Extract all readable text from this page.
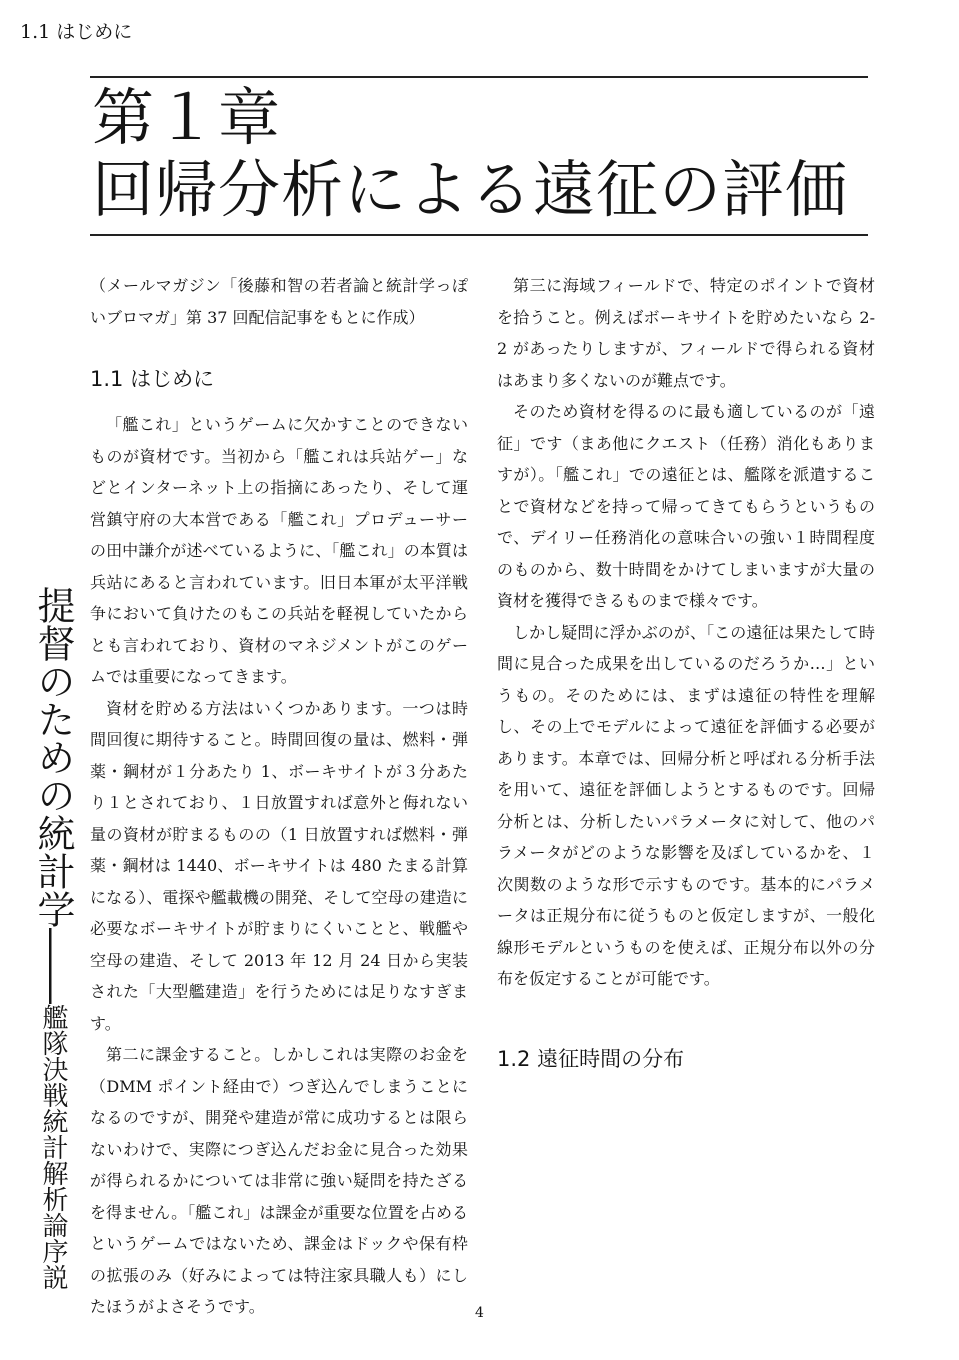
1.1 はじめに
第１章
回帰分析による遠征の評価
提督のための統計学――艦隊決戦統計解析論序説

（メールマガジン「後藤和智の若者論と統計学っぽいブロマガ」第 37 回配信記事をもとに作成）

1.1 はじめに

「艦これ」というゲームに欠かすことのできないものが資材です。当初から「艦これは兵站ゲー」などとインターネット上の指摘にあったり、そして運営鎮守府の大本営である「艦これ」プロデューサーの田中謙介が述べているように、「艦これ」の本質は兵站にあると言われています。旧日本軍が太平洋戦争において負けたのもこの兵站を軽視していたからとも言われており、資材のマネジメントがこのゲームでは重要になってきます。

資材を貯める方法はいくつかあります。一つは時間回復に期待すること。時間回復の量は、燃料・弾薬・鋼材が１分あたり 1、ボーキサイトが３分あたり１とされており、１日放置すれば意外と侮れない量の資材が貯まるものの（1 日放置すれば燃料・弾薬・鋼材は 1440、ボーキサイトは 480 たまる計算になる）、電探や艦載機の開発、そして空母の建造に必要なボーキサイトが貯まりにくいことと、戦艦や空母の建造、そして 2013 年 12 月 24 日から実装された「大型艦建造」を行うためには足りなすぎます。

第二に課金すること。しかしこれは実際のお金を（DMM ポイント経由で）つぎ込んでしまうことになるのですが、開発や建造が常に成功するとは限らないわけで、実際につぎ込んだお金に見合った効果が得られるかについては非常に強い疑問を持たざるを得ません。「艦これ」は課金が重要な位置を占めるというゲームではないため、課金はドックや保有枠の拡張のみ（好みによっては特注家具職人も）にしたほうがよさそうです。

第三に海域フィールドで、特定のポイントで資材を拾うこと。例えばボーキサイトを貯めたいなら 2-2 があったりしますが、フィールドで得られる資材はあまり多くないのが難点です。

そのため資材を得るのに最も適しているのが「遠征」です（まあ他にクエスト（任務）消化もありますが）。「艦これ」での遠征とは、艦隊を派遣することで資材などを持って帰ってきてもらうというもので、デイリー任務消化の意味合いの強い１時間程度のものから、数十時間をかけてしまいますが大量の資材を獲得できるものまで様々です。

しかし疑問に浮かぶのが、「この遠征は果たして時間に見合った成果を出しているのだろうか…」というもの。そのためには、まずは遠征の特性を理解し、その上でモデルによって遠征を評価する必要があります。本章では、回帰分析と呼ばれる分析手法を用いて、遠征を評価しようとするものです。回帰分析とは、分析したいパラメータに対して、他のパラメータがどのような影響を及ぼしているかを、１次関数のような形で示すものです。基本的にパラメータは正規分布に従うものと仮定しますが、一般化線形モデルというものを使えば、正規分布以外の分布を仮定することが可能です。

1.2 遠征時間の分布
4
